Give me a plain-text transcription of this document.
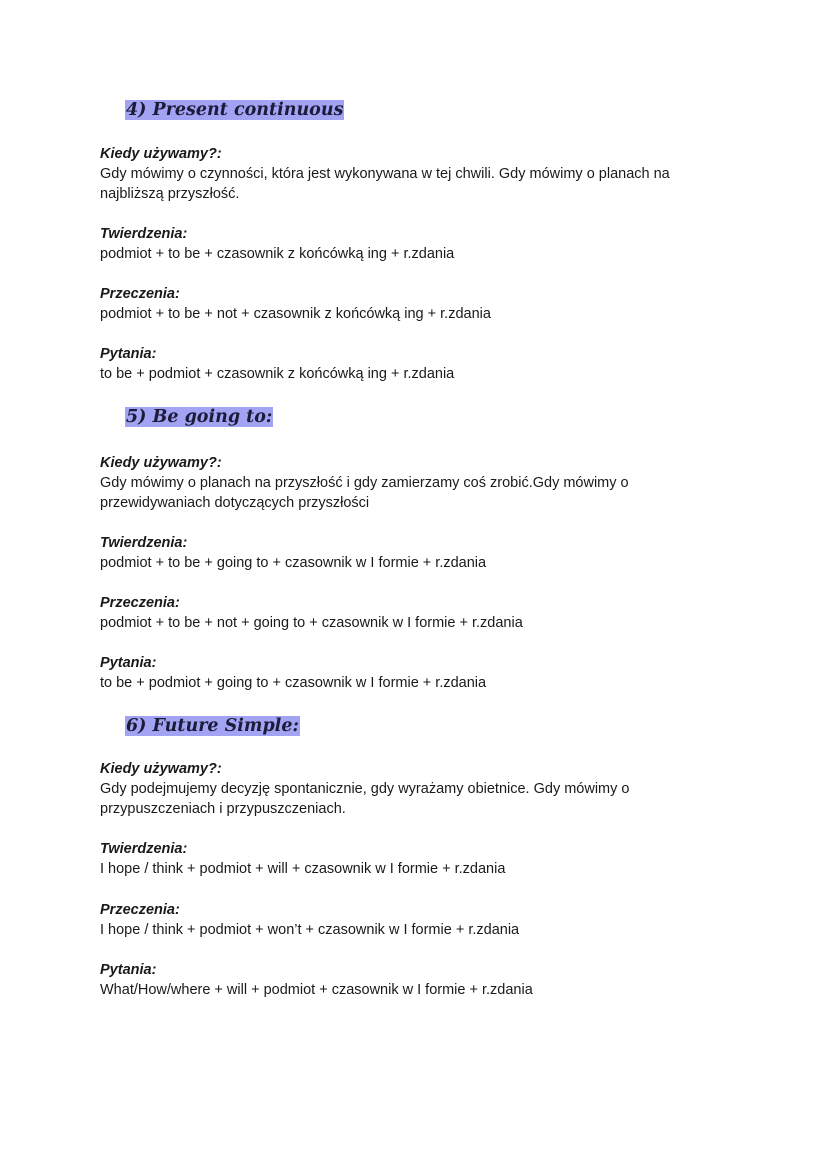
4) Present continuous
Kiedy używamy?:
Gdy mówimy o czynności, która jest wykonywana w tej chwili. Gdy mówimy o planach na najbliższą przyszłość.
Twierdzenia:
podmiot + to be + czasownik z końcówką ing + r.zdania
Przeczenia:
podmiot + to be + not + czasownik z końcówką ing + r.zdania
Pytania:
to be + podmiot + czasownik z końcówką ing + r.zdania
5) Be going to:
Kiedy używamy?:
Gdy mówimy o planach na przyszłość i gdy zamierzamy coś zrobić.Gdy mówimy o przewidywaniach dotyczących przyszłości
Twierdzenia:
podmiot + to be + going to + czasownik w I formie + r.zdania
Przeczenia:
podmiot + to be + not + going to + czasownik w I formie + r.zdania
Pytania:
to be + podmiot + going to + czasownik w I formie + r.zdania
6) Future Simple:
Kiedy używamy?:
Gdy podejmujemy decyzję spontanicznie, gdy wyrażamy obietnice. Gdy mówimy o przypuszczeniach i przypuszczeniach.
Twierdzenia:
I hope / think + podmiot + will + czasownik w I formie + r.zdania
Przeczenia:
I hope / think + podmiot + won’t + czasownik w I formie + r.zdania
Pytania:
What/How/where + will + podmiot + czasownik w I formie + r.zdania
